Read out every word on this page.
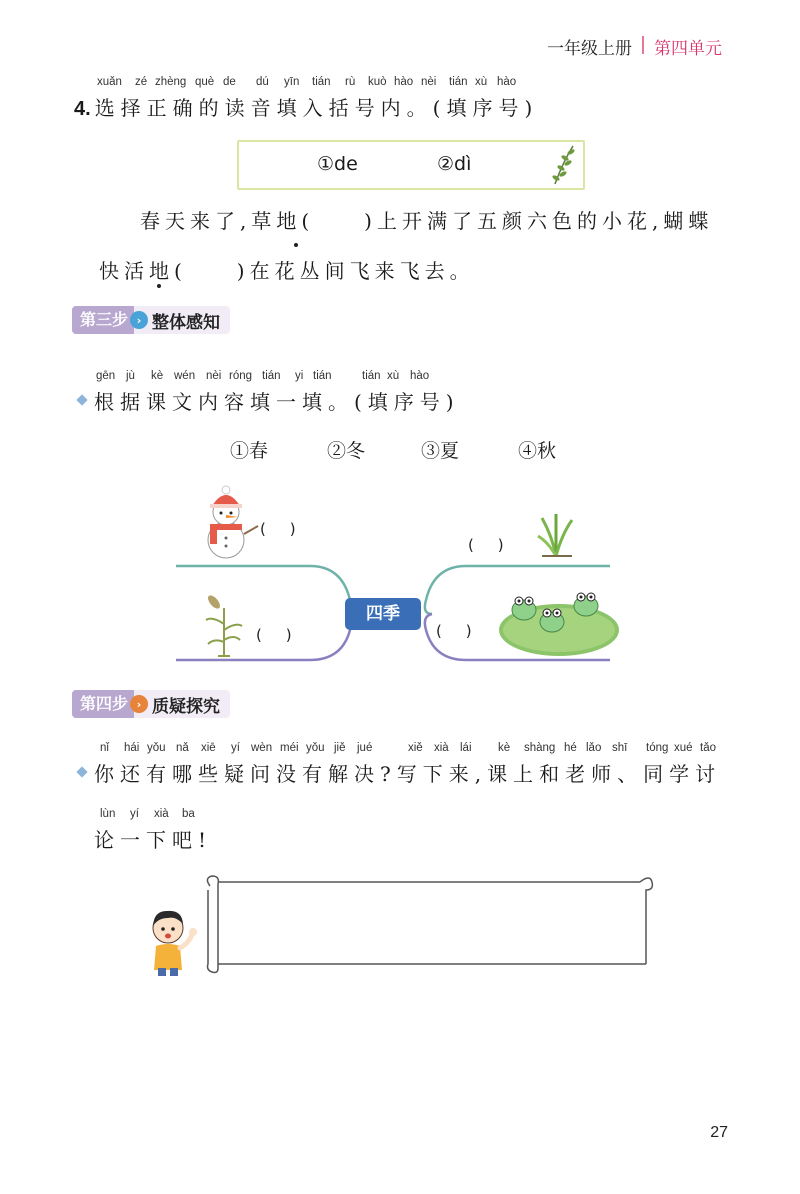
一年级上册 第四单元
xuǎn zé zhèng què de dú yīn tián rù kuò hào nèi tián xù hào
4. 选择正确的读音填入括号内。(填序号)
①de	②dì
春天来了,草地(　　)上开满了五颜六色的小花,蝴蝶
快活地(　　)在花丛间飞来飞去。
第三步 › 整体感知
gēn jù kè wén nèi róng tián yi tián	tián xù hào
根据课文内容填一填。(填序号)
①春	②冬	③夏	④秋
四季
(     )
(     )
(     )
(     )
第四步 › 质疑探究
nǐ hái yǒu nǎ xiē yí wèn méi yǒu jiě jué	xiě xià lái kè shàng hé lǎo shī tóng xué tǎo
你还有哪些疑问没有解决?写下来,课上和老师、同学讨
lùn yí xià ba
论一下吧!
27
